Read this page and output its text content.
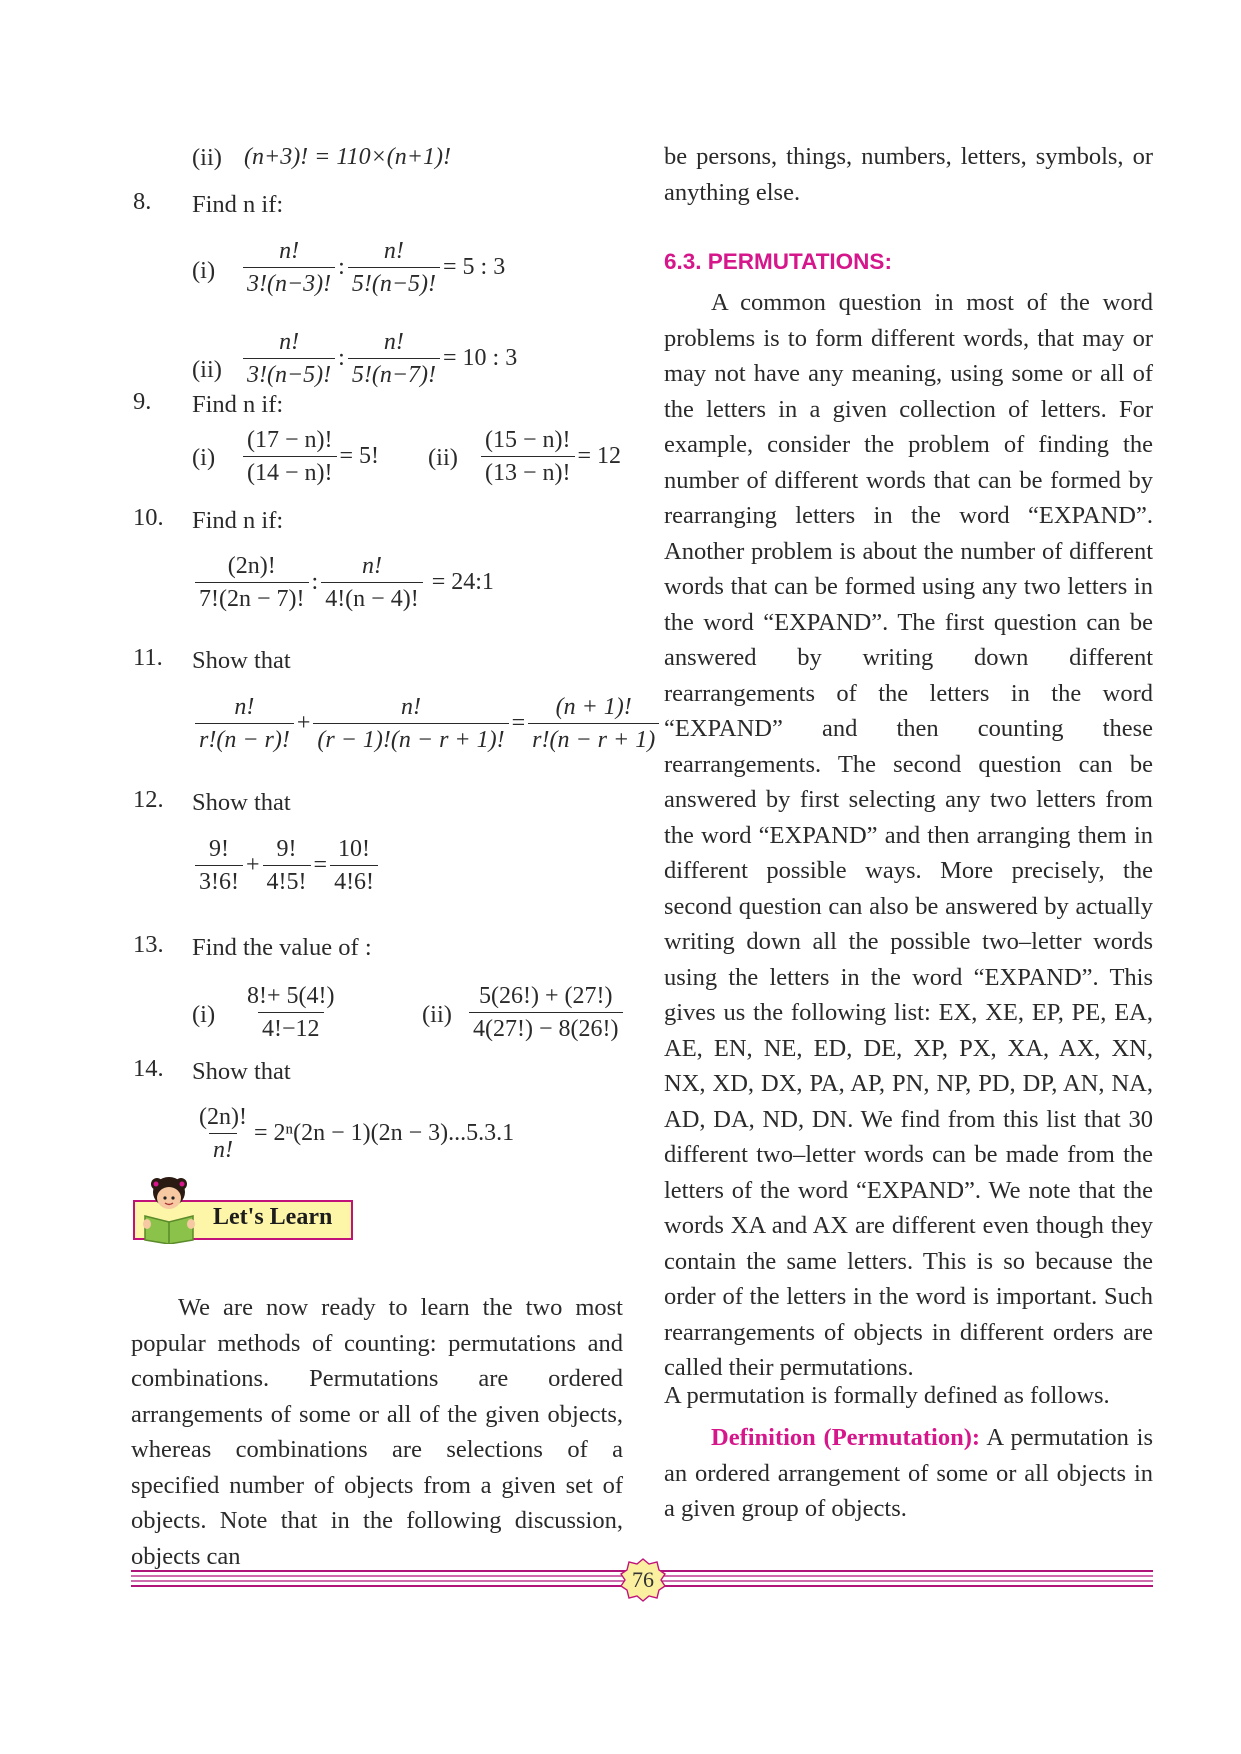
(ii) (n+3)! = 110×(n+1)!
8. Find n if:
$(i) \frac{n!}{3!(n-3)!}$ : $\frac{n!}{5!(n-5)!} = 5$ : 3
$(ii) \frac{n!}{3!(n-5)!}$ : $\frac{n!}{5!(n-7)!} = 10$ : 3
9. Find n if:
$(i) \frac{(17 - n)!}{(14 - n)!} = 5$! $(ii) \frac{(15 - n)!}{(13 - n)!} = 12$
10. Find n if:
$\frac{(2n)!}{7!(2n - 7)!}$ : $\frac{n!}{4!(n - 4)!}$ = 24:1
11. Show that
$\frac{n!}{r!(n - r)!} + \frac{n!}{(r - 1)!(n - r + 1)!} = \frac{(n + 1)!}{r!(n - r + 1)}$
12. Show that
$\frac{9!}{3!6!} + \frac{9!}{4!5!} = \frac{10!}{4!6!}$
13. Find the value of :
$(i) \frac{8!+ 5(4!)}{4!-12}$	$(ii) \frac{5(26!) + (27!)}{4(27!) - 8(26!)}$
14. Show that
$\frac{(2n)!}{n!} = 2^n(2n - 1)(2n - 3)...5.3.1$
Let's Learn
We are now ready to learn the two most popular methods of counting: permutations and combinations. Permutations are ordered arrangements of some or all of the given objects, whereas combinations are selections of a specified number of objects from a given set of objects. Note that in the following discussion, objects can
be persons, things, numbers, letters, symbols, or anything else.
6.3. PERMUTATIONS:
A common question in most of the word problems is to form different words, that may or may not have any meaning, using some or all of the letters in a given collection of letters. For example, consider the problem of finding the number of different words that can be formed by rearranging letters in the word “EXPAND”. Another problem is about the number of different words that can be formed using any two letters in the word “EXPAND”. The first question can be answered by writing down different rearrangements of the letters in the word “EXPAND” and then counting these rearrangements. The second question can be answered by first selecting any two letters from the word “EXPAND” and then arranging them in different possible ways. More precisely, the second question can also be answered by actually writing down all the possible two–letter words using the letters in the word “EXPAND”. This gives us the following list: EX, XE, EP, PE, EA, AE, EN, NE, ED, DE, XP, PX, XA, AX, XN, NX, XD, DX, PA, AP, PN, NP, PD, DP, AN, NA, AD, DA, ND, DN. We find from this list that 30 different two–letter words can be made from the letters of the word “EXPAND”. We note that the words XA and AX are different even though they contain the same letters. This is so because the order of the letters in the word is important. Such rearrangements of objects in different orders are called their permutations.
A permutation is formally defined as follows.
Definition (Permutation): A permutation is an ordered arrangement of some or all objects in a given group of objects.
76
